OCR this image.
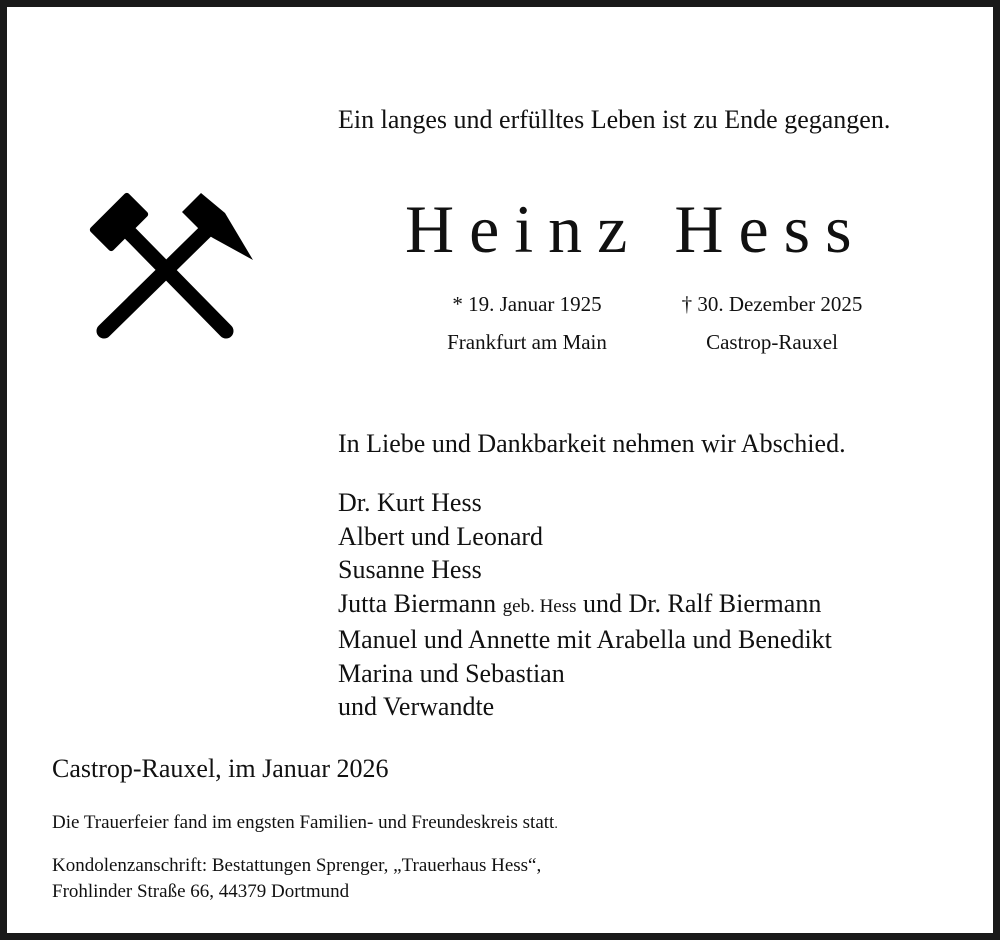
Ein langes und erfülltes Leben ist zu Ende gegangen.
Heinz Hess
* 19. Januar 1925
Frankfurt am Main
† 30. Dezember 2025
Castrop-Rauxel
In Liebe und Dankbarkeit nehmen wir Abschied.
Dr. Kurt Hess
Albert und Leonard
Susanne Hess
Jutta Biermann geb. Hess und Dr. Ralf Biermann
Manuel und Annette mit Arabella und Benedikt
Marina und Sebastian
und Verwandte
Castrop-Rauxel, im Januar 2026
Die Trauerfeier fand im engsten Familien- und Freundeskreis statt.
Kondolenzanschrift: Bestattungen Sprenger, „Trauerhaus Hess“,
Frohlinder Straße 66, 44379 Dortmund
